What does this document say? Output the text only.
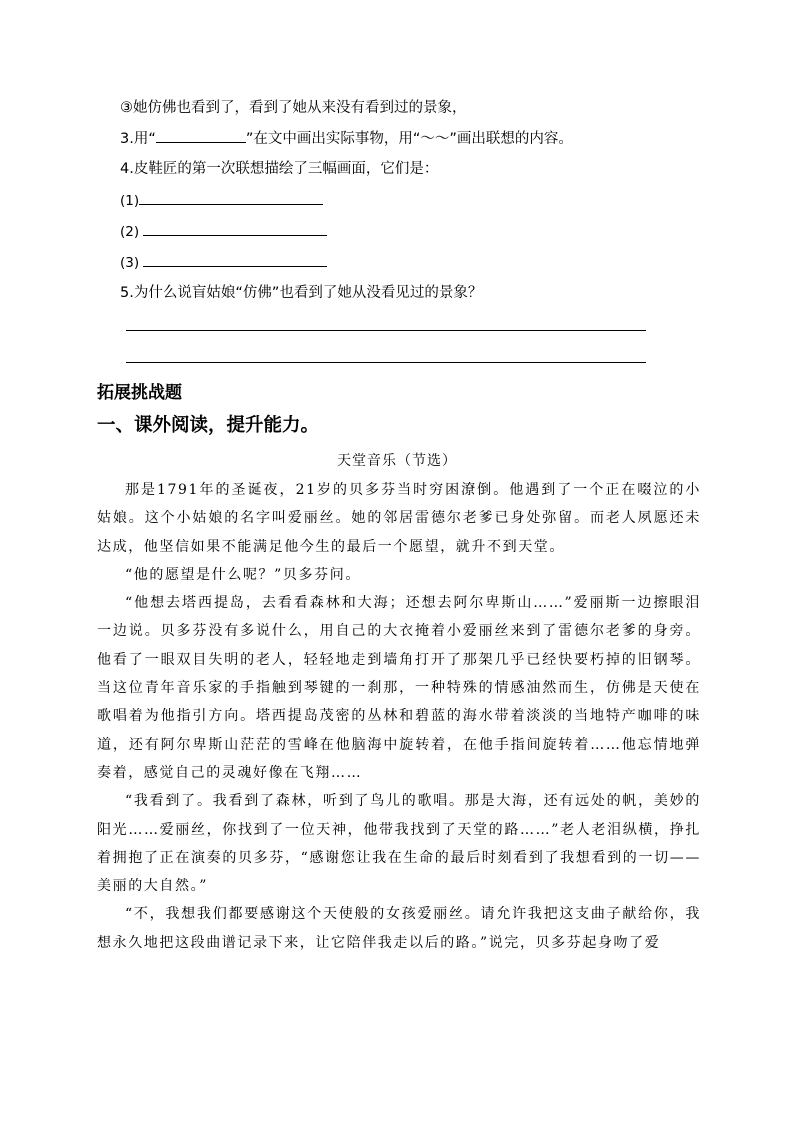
③她仿佛也看到了，看到了她从来没有看到过的景象，
3.用“	”在文中画出实际事物，用“～～”画出联想的内容。
4.皮鞋匠的第一次联想描绘了三幅画面，它们是：
(1)
(2)
(3)
5.为什么说盲姑娘“仿佛”也看到了她从没看见过的景象？
拓展挑战题
一、课外阅读，提升能力。
天堂音乐（节选）

那是1791年的圣诞夜，21岁的贝多芬当时穷困潦倒。他遇到了一个正在啜泣的小姑娘。这个小姑娘的名字叫爱丽丝。她的邻居雷德尔老爹已身处弥留。而老人夙愿还未达成，他坚信如果不能满足他今生的最后一个愿望，就升不到天堂。

“他的愿望是什么呢？”贝多芬问。

“他想去塔西提岛，去看看森林和大海；还想去阿尔卑斯山……”爱丽斯一边擦眼泪一边说。贝多芬没有多说什么，用自己的大衣掩着小爱丽丝来到了雷德尔老爹的身旁。他看了一眼双目失明的老人，轻轻地走到墙角打开了那架几乎已经快要朽掉的旧钢琴。当这位青年音乐家的手指触到琴键的一刹那，一种特殊的情感油然而生，仿佛是天使在歌唱着为他指引方向。塔西提岛茂密的丛林和碧蓝的海水带着淡淡的当地特产咖啡的味道，还有阿尔卑斯山茫茫的雪峰在他脑海中旋转着，在他手指间旋转着……他忘情地弹奏着，感觉自己的灵魂好像在飞翔……

“我看到了。我看到了森林，听到了鸟儿的歌唱。那是大海，还有远处的帆，美妙的阳光……爱丽丝，你找到了一位天神，他带我找到了天堂的路……”老人老泪纵横，挣扎着拥抱了正在演奏的贝多芬，“感谢您让我在生命的最后时刻看到了我想看到的一切——美丽的大自然。”

“不，我想我们都要感谢这个天使般的女孩爱丽丝。请允许我把这支曲子献给你，我想永久地把这段曲谱记录下来，让它陪伴我走以后的路。”说完，贝多芬起身吻了爱
